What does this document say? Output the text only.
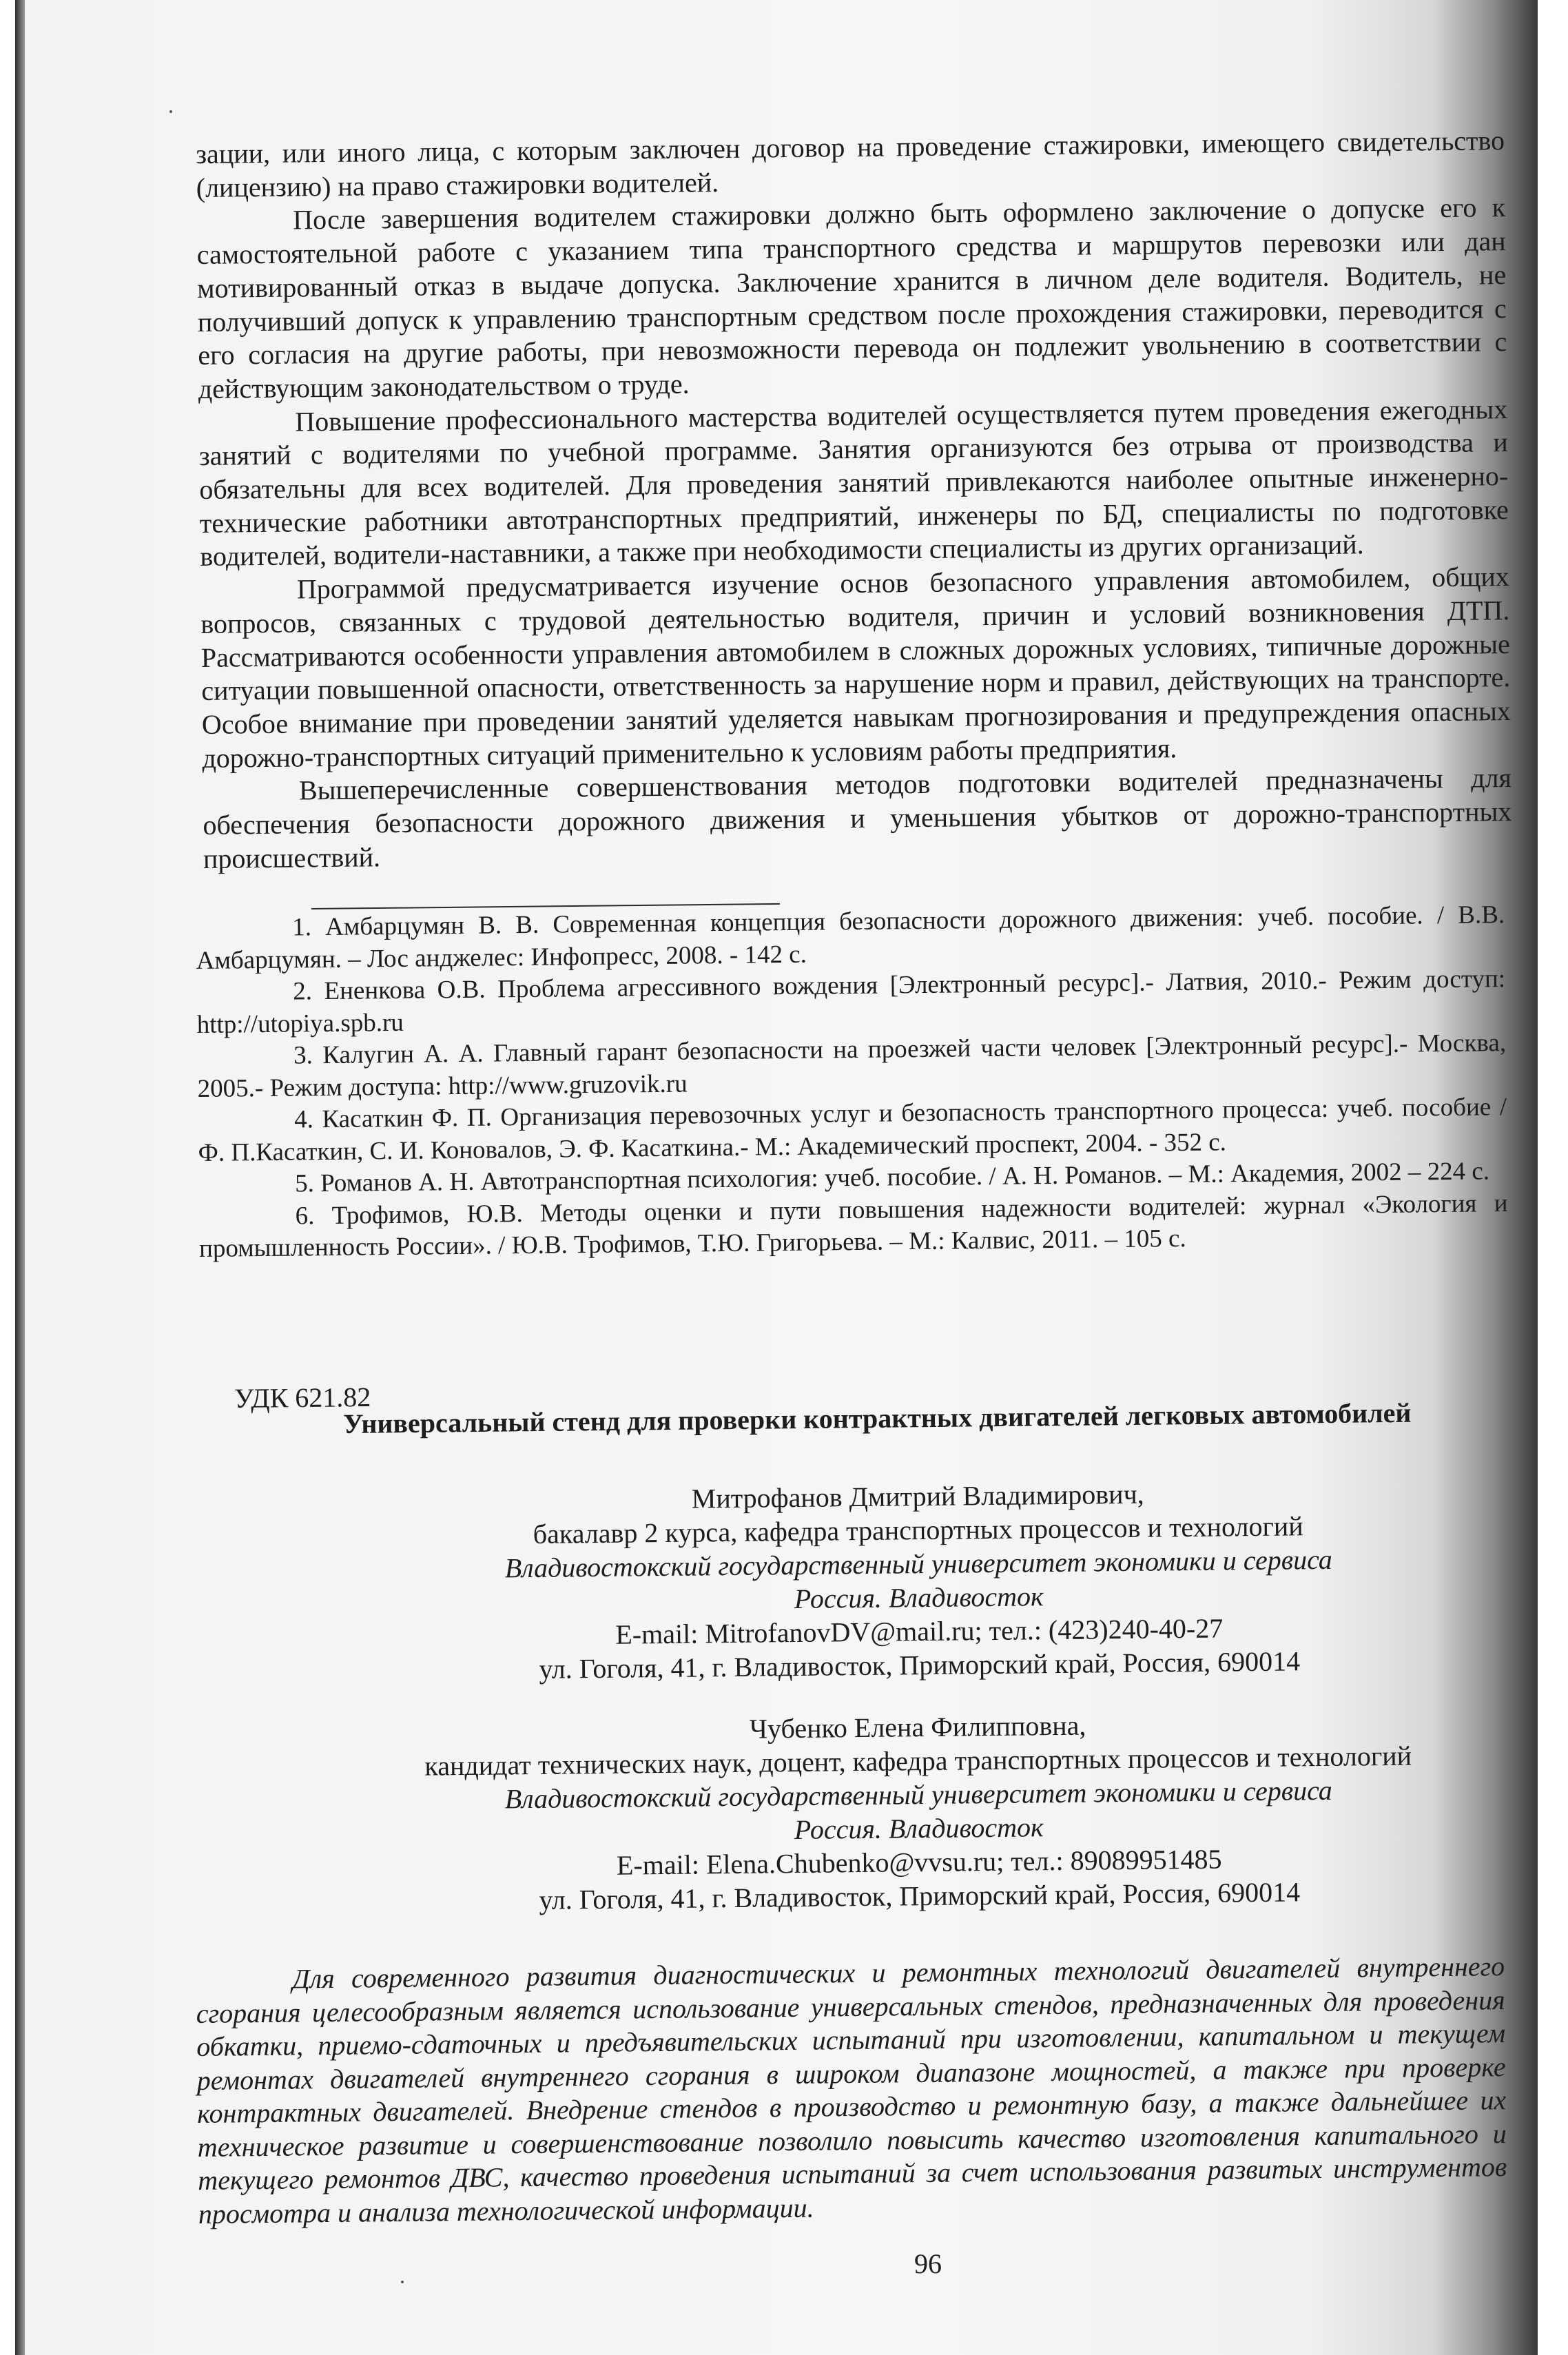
зации, или иного лица, с которым заключен договор на проведение стажировки, имеющего свидетельство (лицензию) на право стажировки водителей.

После завершения водителем стажировки должно быть оформлено заключение о допуске его к самостоятельной работе с указанием типа транспортного средства и маршрутов перевозки или дан мотивированный отказ в выдаче допуска. Заключение хранится в личном деле водителя. Водитель, не получивший допуск к управлению транспортным средством после прохождения стажировки, переводится с его согласия на другие работы, при невозможности перевода он подлежит увольнению в соответствии с действующим законодательством о труде.

Повышение профессионального мастерства водителей осуществляется путем проведения ежегодных занятий с водителями по учебной программе. Занятия организуются без отрыва от производства и обязательны для всех водителей. Для проведения занятий привлекаются наиболее опытные инженерно-технические работники автотранспортных предприятий, инженеры по БД, специалисты по подготовке водителей, водители-наставники, а также при необходимости специалисты из других организаций.

Программой предусматривается изучение основ безопасного управления автомобилем, общих вопросов, связанных с трудовой деятельностью водителя, причин и условий возникновения ДТП. Рассматриваются особенности управления автомобилем в сложных дорожных условиях, типичные дорожные ситуации повышенной опасности, ответственность за нарушение норм и правил, действующих на транспорте. Особое внимание при проведении занятий уделяется навыкам прогнозирования и предупреждения опасных дорожно-транспортных ситуаций применительно к условиям работы предприятия.

Вышеперечисленные совершенствования методов подготовки водителей предназначены для обеспечения безопасности дорожного движения и уменьшения убытков от дорожно-транспортных происшествий.

1. Амбарцумян В. В. Современная концепция безопасности дорожного движения: учеб. пособие. / В.В. Амбарцумян. – Лос анджелес: Инфопресс, 2008. - 142 с.

2. Ененкова О.В. Проблема агрессивного вождения [Электронный ресурс].- Латвия, 2010.- Режим доступ: http://utopiya.spb.ru

3. Калугин А. А. Главный гарант безопасности на проезжей части человек [Электронный ресурс].- Москва, 2005.- Режим доступа: http://www.gruzovik.ru

4. Касаткин Ф. П. Организация перевозочных услуг и безопасность транспортного процесса: учеб. пособие / Ф. П.Касаткин, С. И. Коновалов, Э. Ф. Касаткина.- М.: Академический проспект, 2004. - 352 с.

5. Романов А. Н. Автотранспортная психология: учеб. пособие. / А. Н. Романов. – М.: Академия, 2002 – 224 с.

6. Трофимов, Ю.В. Методы оценки и пути повышения надежности водителей: журнал «Экология и промышленность России». / Ю.В. Трофимов, Т.Ю. Григорьева. – М.: Калвис, 2011. – 105 с.

УДК 621.82
Универсальный стенд для проверки контрактных двигателей легковых автомобилей
Митрофанов Дмитрий Владимирович,
бакалавр 2 курса, кафедра транспортных процессов и технологий
Владивостокский государственный университет экономики и сервиса
Россия. Владивосток
E-mail: MitrofanovDV@mail.ru; тел.: (423)240-40-27
ул. Гоголя, 41, г. Владивосток, Приморский край, Россия, 690014
Чубенко Елена Филипповна,
кандидат технических наук, доцент, кафедра транспортных процессов и технологий
Владивостокский государственный университет экономики и сервиса
Россия. Владивосток
E-mail: Elena.Chubenko@vvsu.ru; тел.: 89089951485
ул. Гоголя, 41, г. Владивосток, Приморский край, Россия, 690014

Для современного развития диагностических и ремонтных технологий двигателей внутреннего сгорания целесообразным является использование универсальных стендов, предназначенных для проведения обкатки, приемо-сдаточных и предъявительских испытаний при изготовлении, капитальном и текущем ремонтах двигателей внутреннего сгорания в широком диапазоне мощностей, а также при проверке контрактных двигателей. Внедрение стендов в производство и ремонтную базу, а также дальнейшее их техническое развитие и совершенствование позволило повысить качество изготовления капитального и текущего ремонтов ДВС, качество проведения испытаний за счет использования развитых инструментов просмотра и анализа технологической информации.

96
